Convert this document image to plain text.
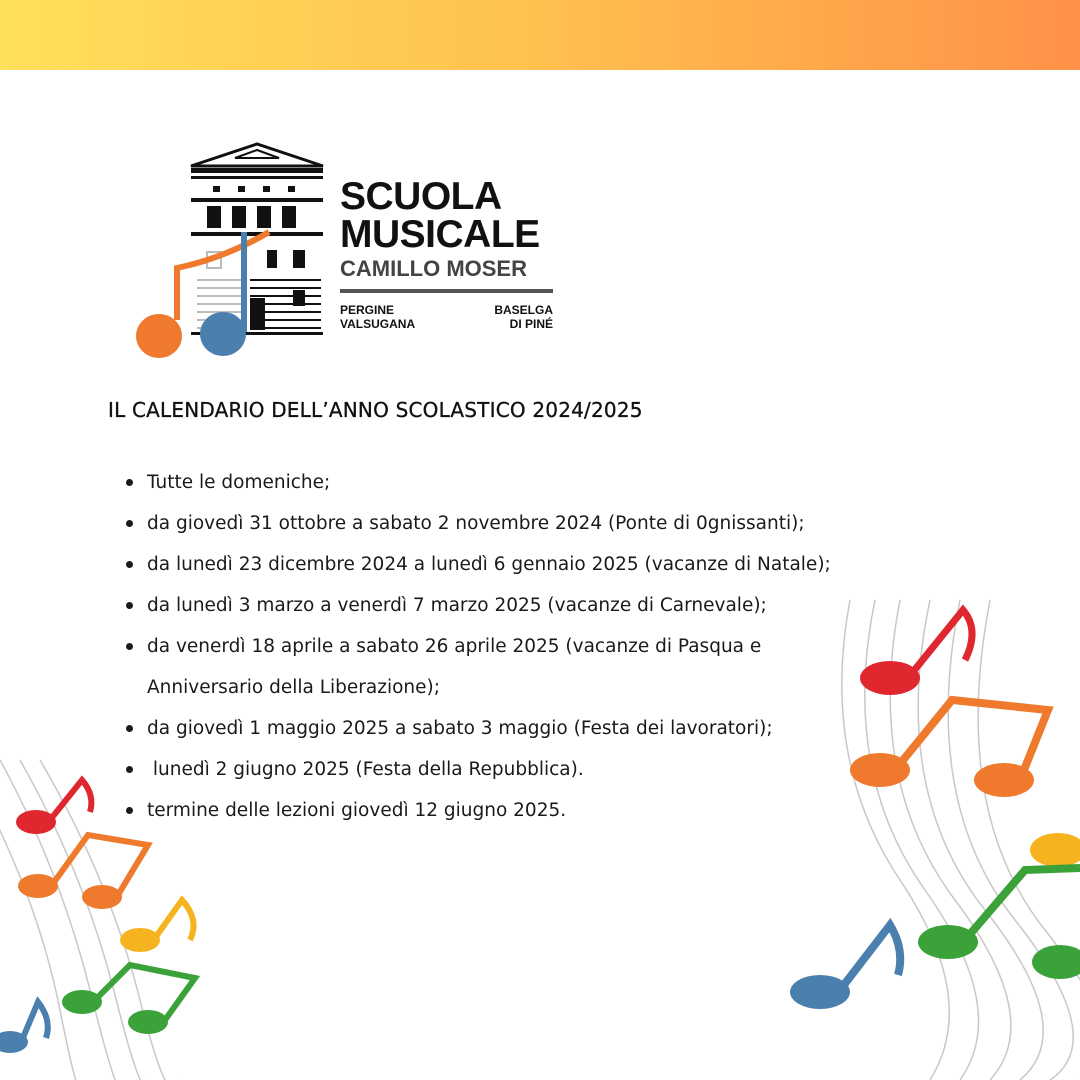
SCUOLA
MUSICALE
CAMILLO MOSER
PERGINE
VALSUGANA
BASELGA
DI PINÉ
IL CALENDARIO DELL’ANNO SCOLASTICO 2024/2025
Tutte le domeniche;
da giovedì 31 ottobre a sabato 2 novembre 2024 (Ponte di 0gnissanti);
da lunedì 23 dicembre 2024 a lunedì 6 gennaio 2025 (vacanze di Natale);
da lunedì 3 marzo a venerdì 7 marzo 2025 (vacanze di Carnevale);
da venerdì 18 aprile a sabato 26 aprile 2025 (vacanze di Pasqua e Anniversario della Liberazione);
da giovedì 1 maggio 2025 a sabato 3 maggio (Festa dei lavoratori);
lunedì 2 giugno 2025 (Festa della Repubblica).
termine delle lezioni giovedì 12 giugno 2025.
